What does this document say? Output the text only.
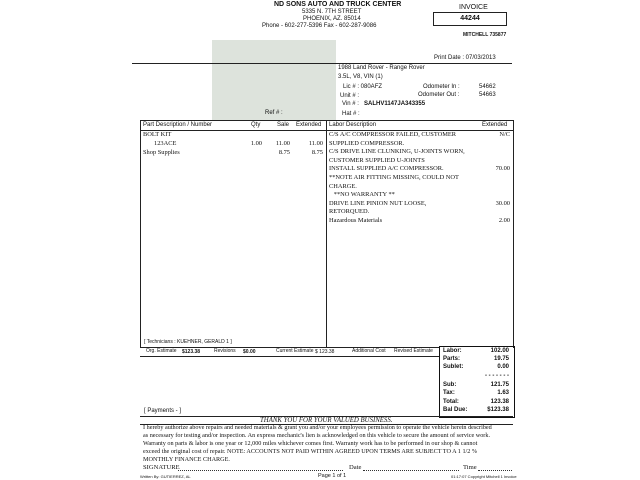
ND SONS AUTO AND TRUCK CENTER
5335 N. 7TH STREET
PHOENIX, AZ. 85014
Phone - 602-277-5396 Fax - 602-287-9086
INVOICE
44244
MITCHELL 735877
Print Date : 07/03/2013
1988 Land Rover - Range Rover
3.5L, V8, VIN (1)
Lic # : 080AFZ
Unit # :
Vin # : SALHV1147JA343355
Hat # :
Ref # :
Odometer In :	54662
Odometer Out :	54663
Part Description / Number	Qty	Sale Extended
BOLT KIT
123ACE	1.00	11.00	11.00
Shop Supplies	8.75	8.75
Labor Description	Extended
C/S A/C COMPRESSOR FAILED, CUSTOMER	N/C
SUPPLIED COMPRESSOR.
C/S DRIVE LINE CLUNKING, U-JOINTS WORN,
CUSTOMER SUPPLIED U-JOINTS
INSTALL SUPPLIED A/C COMPRESSOR.	70.00
**NOTE AIR FITTING MISSING, COULD NOT
CHARGE.
**NO WARRANTY **
DRIVE LINE PINION NUT LOOSE,	30.00
RETORQUED.
Hazardous Materials	2.00
[ Technicians : KUEHNER, GERALD 1 ]
Org. Estimate $123.38	Revisions $0.00	Current Estimate $ 123.38	Additional Cost Revised Estimate Labor:	102.00
Parts:	19.75
Sublet:	0.00
- - - - - - -
Sub:	121.75
Tax:	1.63
Total:	123.38
Bal Due:	$123.38
[ Payments - ]
THANK YOU FOR YOUR VALUED BUSINESS.
I hereby authorize above repairs and needed materials & grant you and/or your employees permission to operate the vehicle herein described
as necessary for testing and/or inspection. An express mechanic's lien is acknowledged on this vehicle to secure the amount of service work.
Warranty on parts & labor is one year or 12,000 miles whichever comes first. Warranty work has to be performed in our shop & cannot
exceed the original cost of repair. NOTE: ACCOUNTS NOT PAID WITHIN AGREED UPON TERMS ARE SUBJECT TO A 1 1/2 %
MONTHLY FINANCE CHARGE.
SIGNATURE	Date	Time
Written By: GUTIERREZ, AL	Page 1 of 1	01:17:07 Copyright Mitchell 1 Invoice
